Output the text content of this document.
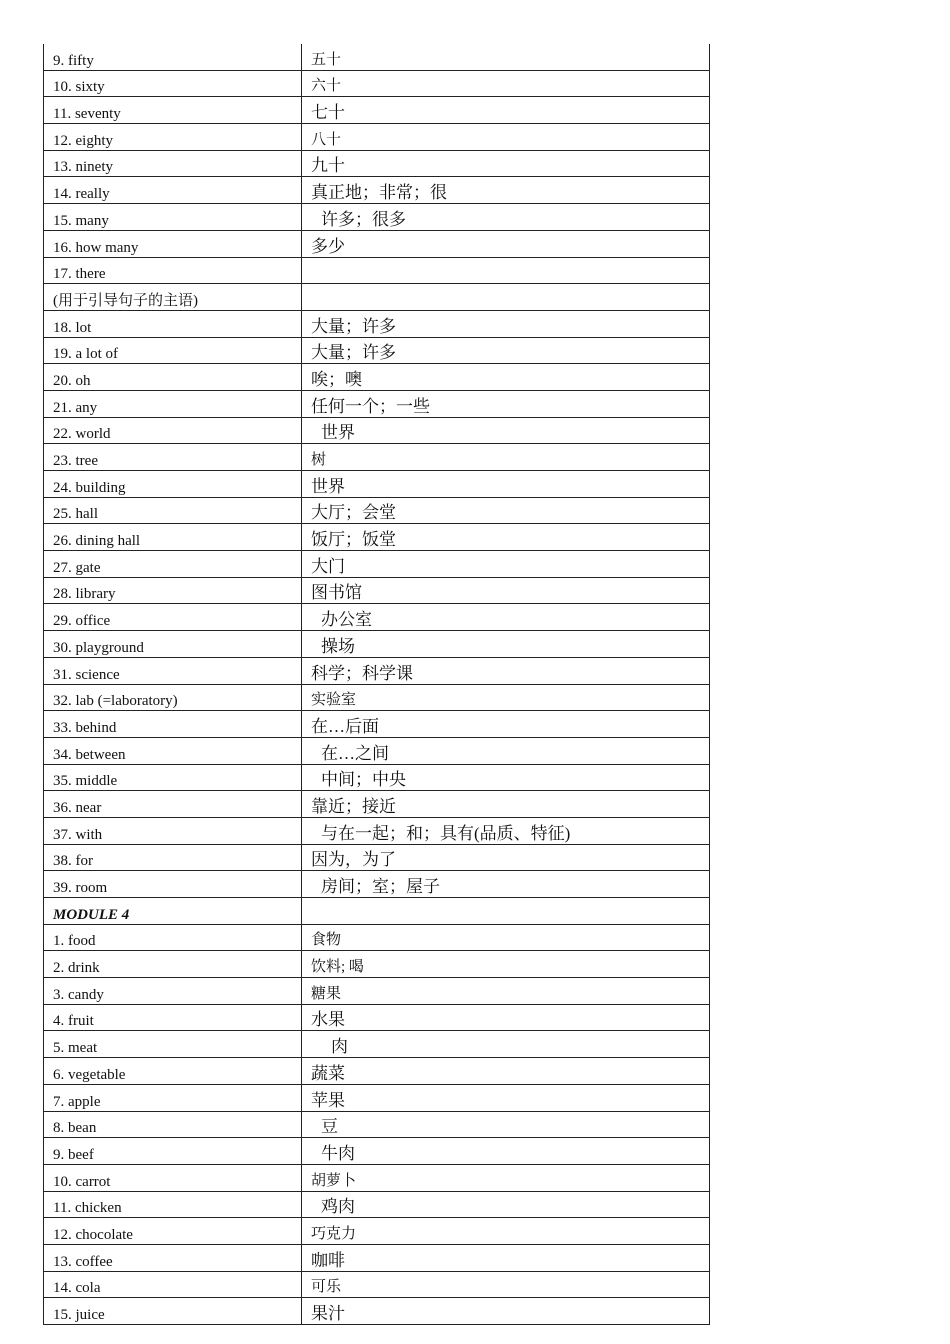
9. fifty	五十
10. sixty	六十
11. seventy	七十
12. eighty	八十
13. ninety	九十
14. really	真正地；非常；很
15. many	许多；很多
16. how many	多少
17. there	
(用于引导句子的主语)	
18. lot	大量；许多
19. a lot of	大量；许多
20. oh	唉；噢
21. any	任何一个；一些
22. world	世界
23. tree	树
24. building	世界
25. hall	大厅；会堂
26. dining hall	饭厅；饭堂
27. gate	大门
28. library	图书馆
29. office	办公室
30. playground	操场
31. science	科学；科学课
32. lab (=laboratory)	实验室
33. behind	在…后面
34. between	在…之间
35. middle	中间；中央
36. near	靠近；接近
37. with	与在一起；和；具有(品质、特征)
38. for	因为，为了
39. room	房间；室；屋子
MODULE 4	
1. food	食物
2. drink	饮料; 喝
3. candy	糖果
4. fruit	水果
5. meat	肉
6. vegetable	蔬菜
7. apple	苹果
8. bean	豆
9. beef	牛肉
10. carrot	胡萝卜
11. chicken	鸡肉
12. chocolate	巧克力
13. coffee	咖啡
14. cola	可乐
15. juice	果汁
